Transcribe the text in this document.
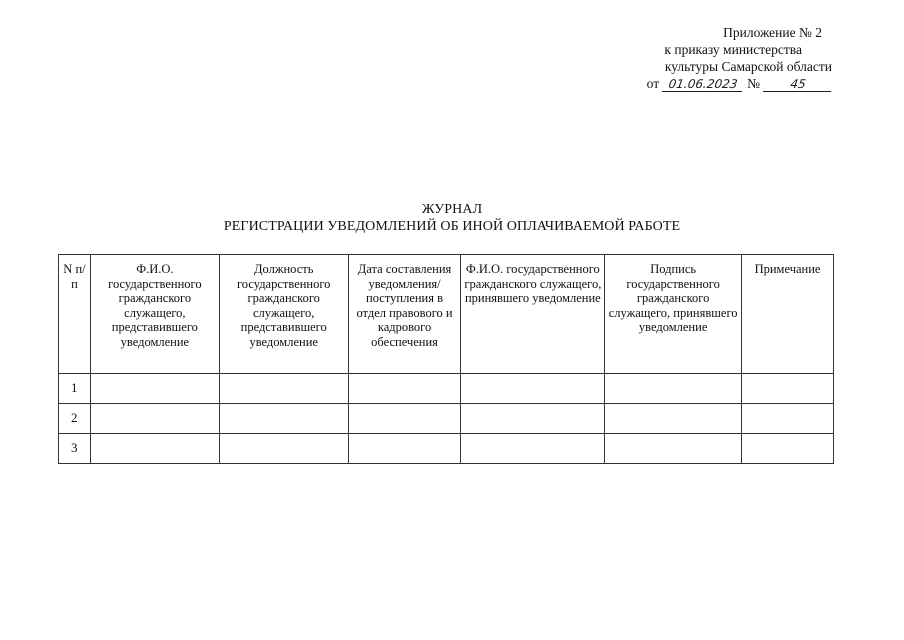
Приложение № 2
к приказу министерства
культуры Самарской области
от 01.06.2023 №	45
ЖУРНАЛ
РЕГИСТРАЦИИ УВЕДОМЛЕНИЙ ОБ ИНОЙ ОПЛАЧИВАЕМОЙ РАБОТЕ
N п/п	Ф.И.О. государственного гражданского служащего, представившего уведомление	Должность государственного гражданского служащего, представившего уведомление	Дата составления уведомления/ поступления в отдел правового и кадрового обеспечения	Ф.И.О. государственного гражданского служащего, принявшего уведомление	Подпись государственного гражданского служащего, принявшего уведомление	Примечание
1						
2						
3						
